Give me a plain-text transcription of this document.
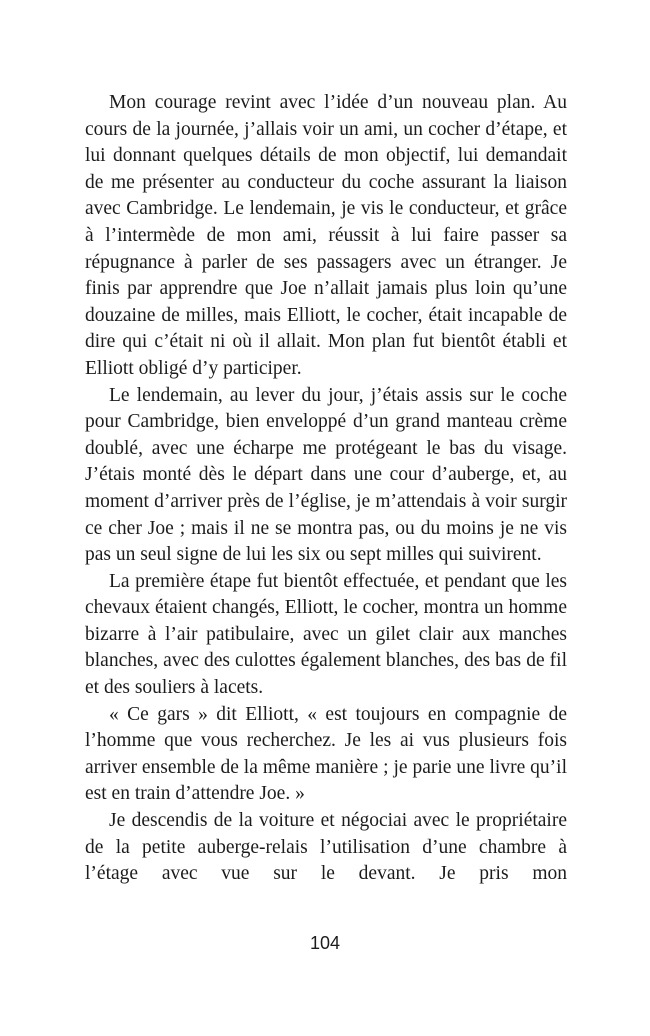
Mon courage revint avec l’idée d’un nouveau plan. Au cours de la journée, j’allais voir un ami, un cocher d’étape, et lui donnant quelques détails de mon objectif, lui demandait de me présenter au conducteur du coche assurant la liaison avec Cambridge. Le lendemain, je vis le conducteur, et grâce à l’intermède de mon ami, réussit à lui faire passer sa répugnance à parler de ses passagers avec un étranger. Je finis par apprendre que Joe n’allait jamais plus loin qu’une douzaine de milles, mais Elliott, le cocher, était incapable de dire qui c’était ni où il allait. Mon plan fut bientôt établi et Elliott obligé d’y participer.

Le lendemain, au lever du jour, j’étais assis sur le coche pour Cambridge, bien enveloppé d’un grand manteau crème doublé, avec une écharpe me protégeant le bas du visage. J’étais monté dès le départ dans une cour d’auberge, et, au moment d’arriver près de l’église, je m’attendais à voir surgir ce cher Joe ; mais il ne se montra pas, ou du moins je ne vis pas un seul signe de lui les six ou sept milles qui suivirent.

La première étape fut bientôt effectuée, et pendant que les chevaux étaient changés, Elliott, le cocher, montra un homme bizarre à l’air patibulaire, avec un gilet clair aux manches blanches, avec des culottes également blanches, des bas de fil et des souliers à lacets.

« Ce gars » dit Elliott, « est toujours en compagnie de l’homme que vous recherchez. Je les ai vus plusieurs fois arriver ensemble de la même manière ; je parie une livre qu’il est en train d’attendre Joe. »

Je descendis de la voiture et négociai avec le propriétaire de la petite auberge-relais l’utilisation d’une chambre à l’étage avec vue sur le devant. Je pris mon

104
